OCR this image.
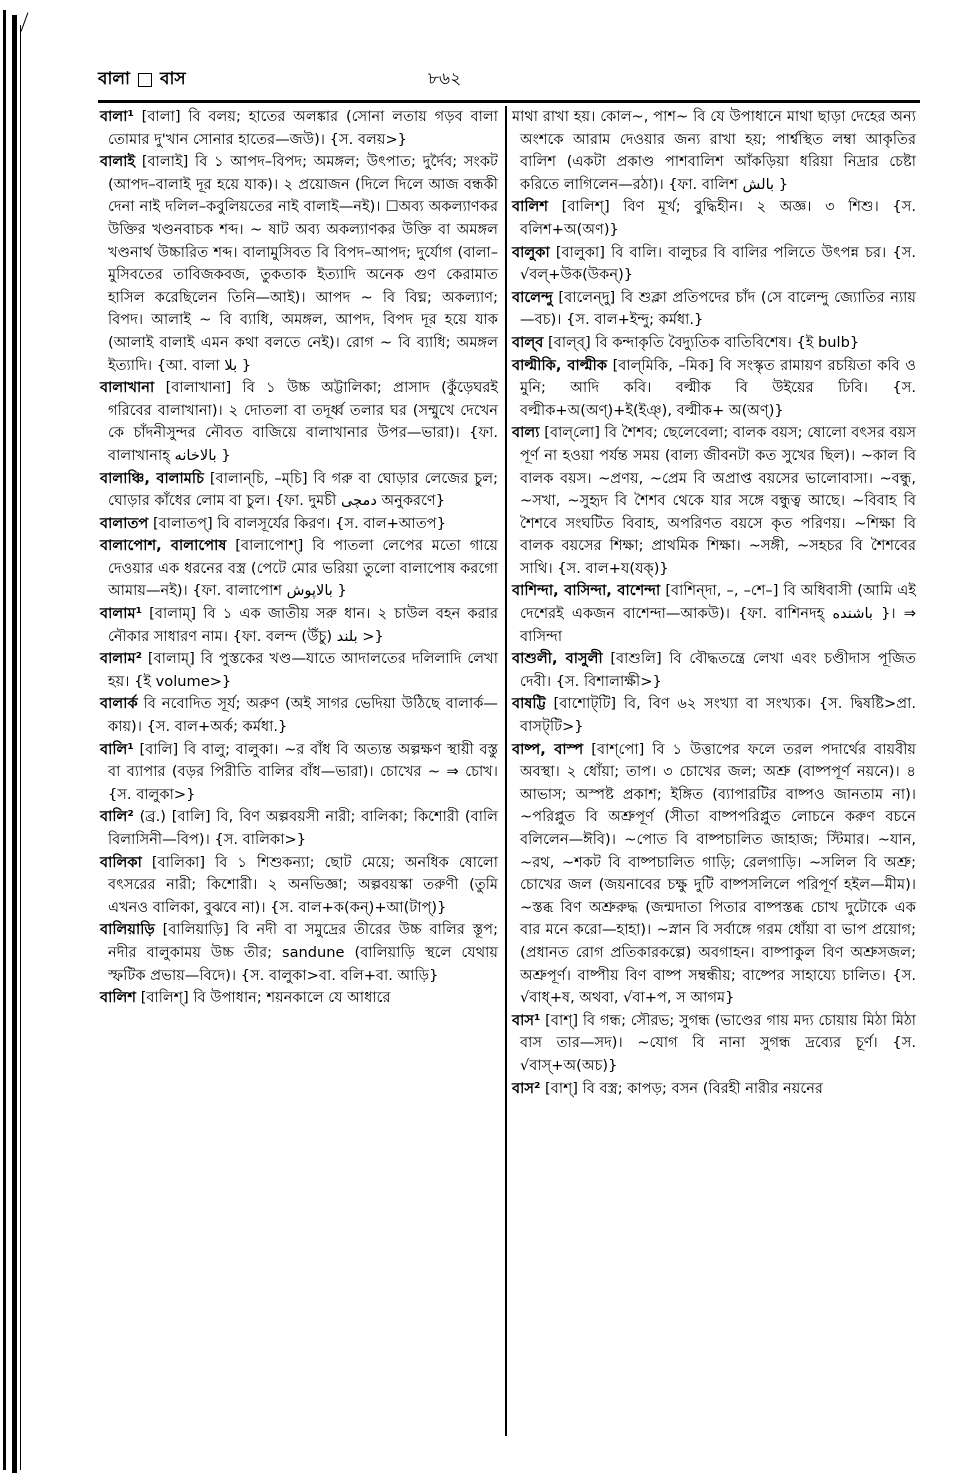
বালা বাস	৮৬২

বালা¹ [বালা] বি বলয়; হাতের অলঙ্কার (সোনা লতায় গড়ব বালা তোমার দু'খান সোনার হাতের—জউ)। {স. বলয়>}

বালাই [বালাই] বি ১ আপদ–বিপদ; অমঙ্গল; উৎপাত; দুর্দৈব; সংকট (আপদ–বালাই দূর হয়ে যাক)। ২ প্রয়োজন (দিলে দিলে আজ বন্ধকী দেনা নাই দলিল–কবুলিয়তের নাই বালাই—নই)। ☐অব্য অকল্যাণকর উক্তির খণ্ডনবাচক শব্দ। ~ ষাট অব্য অকল্যাণকর উক্তি বা অমঙ্গল খণ্ডনার্থ উচ্চারিত শব্দ। বালামুসিবত বি বিপদ–আপদ; দুর্যোগ (বালা–মুসিবতের তাবিজকবজ, তুকতাক ইত্যাদি অনেক গুণ কেরামাত হাসিল করেছিলেন তিনি—আই)। আপদ ~ বি বিঘ্ন; অকল্যাণ; বিপদ। আলাই ~ বি ব্যাধি, অমঙ্গল, আপদ, বিপদ দূর হয়ে যাক (আলাই বালাই এমন কথা বলতে নেই)। রোগ ~ বি ব্যাধি; অমঙ্গল ইত্যাদি। {আ. বালা بلا }

বালাখানা [বালাখানা] বি ১ উচ্চ অট্টালিকা; প্রাসাদ (কুঁড়েঘরই গরিবের বালাখানা)। ২ দোতলা বা তদূর্ধ্ব তলার ঘর (সম্মুখে দেখেন কে চাঁদনীসুন্দর নৌবত বাজিয়ে বালাখানার উপর—ভারা)। {ফা. বালাখানাহ্ بالاخانه }

বালাঞ্চি, বালামচি [বালান্‌চি, –ম্‌চি] বি গরু বা ঘোড়ার লেজের চুল; ঘোড়ার কাঁধের লোম বা চুল। {ফা. দুমচী دمچی অনুকরণে}

বালাতপ [বালাতপ্‌] বি বালসূর্যের কিরণ। {স. বাল+আতপ}

বালাপোশ, বালাপোষ [বালাপোশ্‌] বি পাতলা লেপের মতো গায়ে দেওয়ার এক ধরনের বস্ত্র (পেটে মোর ভরিয়া তুলো বালাপোষ করগো আমায়—নই)। {ফা. বালাপোশ بالاپوش }

বালাম¹ [বালাম্‌] বি ১ এক জাতীয় সরু ধান। ২ চাউল বহন করার নৌকার সাধারণ নাম। {ফা. বলন্দ (উঁচু) بلند >}

বালাম² [বালাম্‌] বি পুস্তকের খণ্ড—যাতে আদালতের দলিলাদি লেখা হয়। {ই volume>}

বালার্ক বি নবোদিত সূর্য; অরুণ (অই সাগর ভেদিয়া উঠিছে বালার্ক—কায়)। {স. বাল+অর্ক; কর্মধা.}

বালি¹ [বালি] বি বালু; বালুকা। ~র বাঁধ বি অত্যন্ত অল্পক্ষণ স্থায়ী বস্তু বা ব্যাপার (বড়র পিরীতি বালির বাঁধ—ভারা)। চোখের ~ ⇒ চোখ। {স. বালুকা>}

বালি² (ব্র.) [বালি] বি, বিণ অল্পবয়সী নারী; বালিকা; কিশোরী (বালি বিলাসিনী—বিপ)। {স. বালিকা>}

বালিকা [বালিকা] বি ১ শিশুকন্যা; ছোট মেয়ে; অনধিক ষোলো বৎসরের নারী; কিশোরী। ২ অনভিজ্ঞা; অল্পবয়স্কা তরুণী (তুমি এখনও বালিকা, বুঝবে না)। {স. বাল+ক(কন্‌)+আ(টাপ্‌)}

বালিয়াড়ি [বালিয়াড়ি] বি নদী বা সমুদ্রের তীরের উচ্চ বালির স্তূপ; নদীর বালুকাময় উচ্চ তীর; sandune (বালিয়াড়ি স্থলে যেথায় স্ফটিক প্রভায়—বিদে)। {স. বালুকা>বা. বলি+বা. আড়ি}

বালিশ [বালিশ্‌] বি উপাধান; শয়নকালে যে আধারে

মাথা রাখা হয়। কোল~, পাশ~ বি যে উপাধানে মাথা ছাড়া দেহের অন্য অংশকে আরাম দেওয়ার জন্য রাখা হয়; পার্শ্বস্থিত লম্বা আকৃতির বালিশ (একটা প্রকাণ্ড পাশবালিশ আঁকড়িয়া ধরিয়া নিদ্রার চেষ্টা করিতে লাগিলেন—রঠা)। {ফা. বালিশ بالش }

বালিশ [বালিশ্‌] বিণ মূর্খ; বুদ্ধিহীন। ২ অজ্ঞ। ৩ শিশু। {স. বলিশ+অ(অণ)}

বালুকা [বালুকা] বি বালি। বালুচর বি বালির পলিতে উৎপন্ন চর। {স. √বল্‌+উক(উকন্‌)}

বালেন্দু [বালেন্‌দু] বি শুক্লা প্রতিপদের চাঁদ (সে বালেন্দু জ্যোতির ন্যায়—বচ)। {স. বাল+ইন্দু; কর্মধা.}

বাল্‌ব [বাল্‌ব্‌] বি কন্দাকৃতি বৈদ্যুতিক বাতিবিশেষ। {ই bulb}

বাল্মীকি, বাল্মীক [বাল্‌মিকি, –মিক] বি সংস্কৃত রামায়ণ রচয়িতা কবি ও মুনি; আদি কবি। বল্মীক বি উইয়ের ঢিবি। {স. বল্মীক+অ(অণ্‌)+ই(ইঞ্‌), বল্মীক+ অ(অণ্‌)}

বাল্য [বাল্‌লো] বি শৈশব; ছেলেবেলা; বালক বয়স; ষোলো বৎসর বয়স পূর্ণ না হওয়া পর্যন্ত সময় (বাল্য জীবনটা কত সুখের ছিল)। ~কাল বি বালক বয়স। ~প্রণয়, ~প্রেম বি অপ্রাপ্ত বয়সের ভালোবাসা। ~বন্ধু, ~সখা, ~সুহৃদ বি শৈশব থেকে যার সঙ্গে বন্ধুত্ব আছে। ~বিবাহ বি শৈশবে সংঘটিত বিবাহ, অপরিণত বয়সে কৃত পরিণয়। ~শিক্ষা বি বালক বয়সের শিক্ষা; প্রাথমিক শিক্ষা। ~সঙ্গী, ~সহচর বি শৈশবের সাথি। {স. বাল+য(যক্‌)}

বাশিন্দা, বাসিন্দা, বাশেন্দা [বাশিন্‌দা, –, –শে–] বি অধিবাসী (আমি এই দেশেরই একজন বাশেন্দা—আকউ)। {ফা. বাশিনদহ্‌ باشنده }। ⇒ বাসিন্দা

বাশুলী, বাসুলী [বাশুলি] বি বৌদ্ধতন্ত্রে লেখা এবং চণ্ডীদাস পূজিত দেবী। {স. বিশালাক্ষী>}

বাষট্টি [বাশোট্‌টি] বি, বিণ ৬২ সংখ্যা বা সংখ্যক। {স. দ্বিষষ্টি>প্রা. বাসট্‌টি>}

বাষ্প, বাস্প [বাশ্‌পো] বি ১ উত্তাপের ফলে তরল পদার্থের বায়বীয় অবস্থা। ২ ধোঁয়া; তাপ। ৩ চোখের জল; অশ্রু (বাষ্পপূর্ণ নয়নে)। ৪ আভাস; অস্পষ্ট প্রকাশ; ইঙ্গিত (ব্যাপারটির বাষ্পও জানতাম না)। ~পরিপ্লুত বি অশ্রুপূর্ণ (সীতা বাষ্পপরিপ্লুত লোচনে করুণ বচনে বলিলেন—ঈবি)। ~পোত বি বাষ্পচালিত জাহাজ; স্টিমার। ~যান, ~রথ, ~শকট বি বাষ্পচালিত গাড়ি; রেলগাড়ি। ~সলিল বি অশ্রু; চোখের জল (জয়নাবের চক্ষু দুটি বাষ্পসলিলে পরিপূর্ণ হইল—মীম)। ~স্তব্ধ বিণ অশ্রুরুদ্ধ (জন্মদাতা পিতার বাষ্পস্তব্ধ চোখ দুটোকে এক বার মনে করো—হাহা)। ~স্নান বি সর্বাঙ্গে গরম ধোঁয়া বা ভাপ প্রয়োগ; (প্রধানত রোগ প্রতিকারকল্পে) অবগাহন। বাষ্পাকুল বিণ অশ্রুসজল; অশ্রুপূর্ণ। বাষ্পীয় বিণ বাষ্প সম্বন্ধীয়; বাষ্পের সাহায্যে চালিত। {স. √বাধ্‌+ষ, অথবা, √বা+প, স আগম}

বাস¹ [বাশ্‌] বি গন্ধ; সৌরভ; সুগন্ধ (ভাণ্ডের গায় মদ্য চোয়ায় মিঠা মিঠা বাস তার—সদ)। ~যোগ বি নানা সুগন্ধ দ্রব্যের চূর্ণ। {স. √বাস্‌+অ(অচ)}

বাস² [বাশ্‌] বি বস্ত্র; কাপড়; বসন (বিরহী নারীর নয়নের
